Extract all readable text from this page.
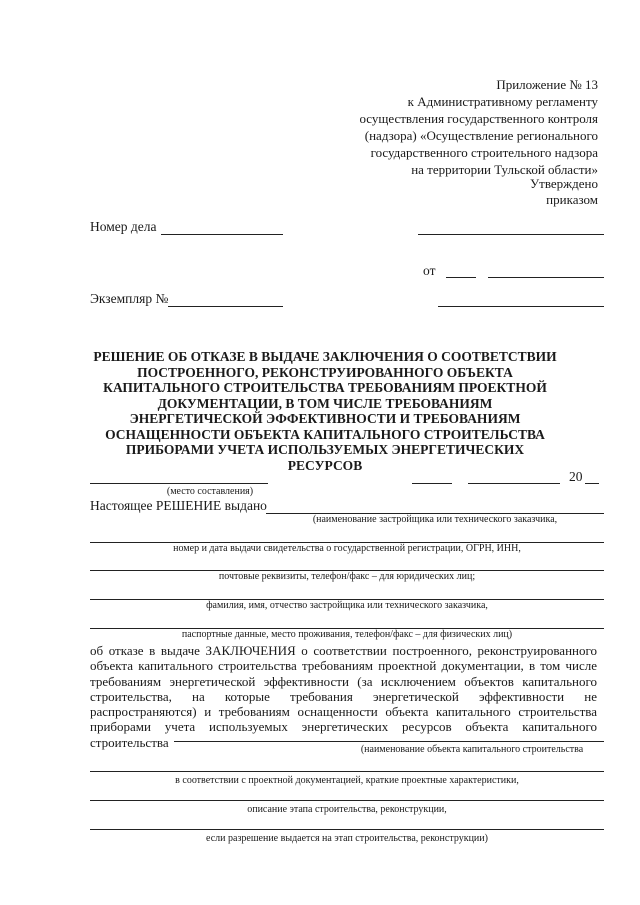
Приложение № 13
к Административному регламенту
осуществления государственного контроля
(надзора) «Осуществление регионального
государственного строительного надзора
на территории Тульской области»
Утверждено
приказом
Номер дела
от
Экземпляр №
РЕШЕНИЕ ОБ ОТКАЗЕ В ВЫДАЧЕ ЗАКЛЮЧЕНИЯ О СООТВЕТСТВИИ ПОСТРОЕННОГО, РЕКОНСТРУИРОВАННОГО ОБЪЕКТА КАПИТАЛЬНОГО СТРОИТЕЛЬСТВА ТРЕБОВАНИЯМ ПРОЕКТНОЙ ДОКУМЕНТАЦИИ, В ТОМ ЧИСЛЕ ТРЕБОВАНИЯМ ЭНЕРГЕТИЧЕСКОЙ ЭФФЕКТИВНОСТИ И ТРЕБОВАНИЯМ ОСНАЩЕННОСТИ ОБЪЕКТА КАПИТАЛЬНОГО СТРОИТЕЛЬСТВА ПРИБОРАМИ УЧЕТА ИСПОЛЬЗУЕМЫХ ЭНЕРГЕТИЧЕСКИХ РЕСУРСОВ
20
(место составления)
Настоящее РЕШЕНИЕ выдано
(наименование застройщика или технического заказчика,
номер и дата выдачи свидетельства о государственной регистрации, ОГРН, ИНН,
почтовые реквизиты, телефон/факс – для юридических лиц;
фамилия, имя, отчество застройщика или технического заказчика,
паспортные данные, место проживания, телефон/факс – для физических лиц)
об отказе в выдаче ЗАКЛЮЧЕНИЯ о соответствии построенного, реконструированного объекта капитального строительства требованиям проектной документации, в том числе требованиям энергетической эффективности (за исключением объектов капитального строительства, на которые требования энергетической эффективности не распространяются) и требованиям оснащенности объекта капитального строительства приборами учета используемых энергетических ресурсов объекта капитального строительства	(наименование объекта капитального строительства
в соответствии с проектной документацией, краткие проектные характеристики,
описание этапа строительства, реконструкции,
если разрешение выдается на этап строительства, реконструкции)
